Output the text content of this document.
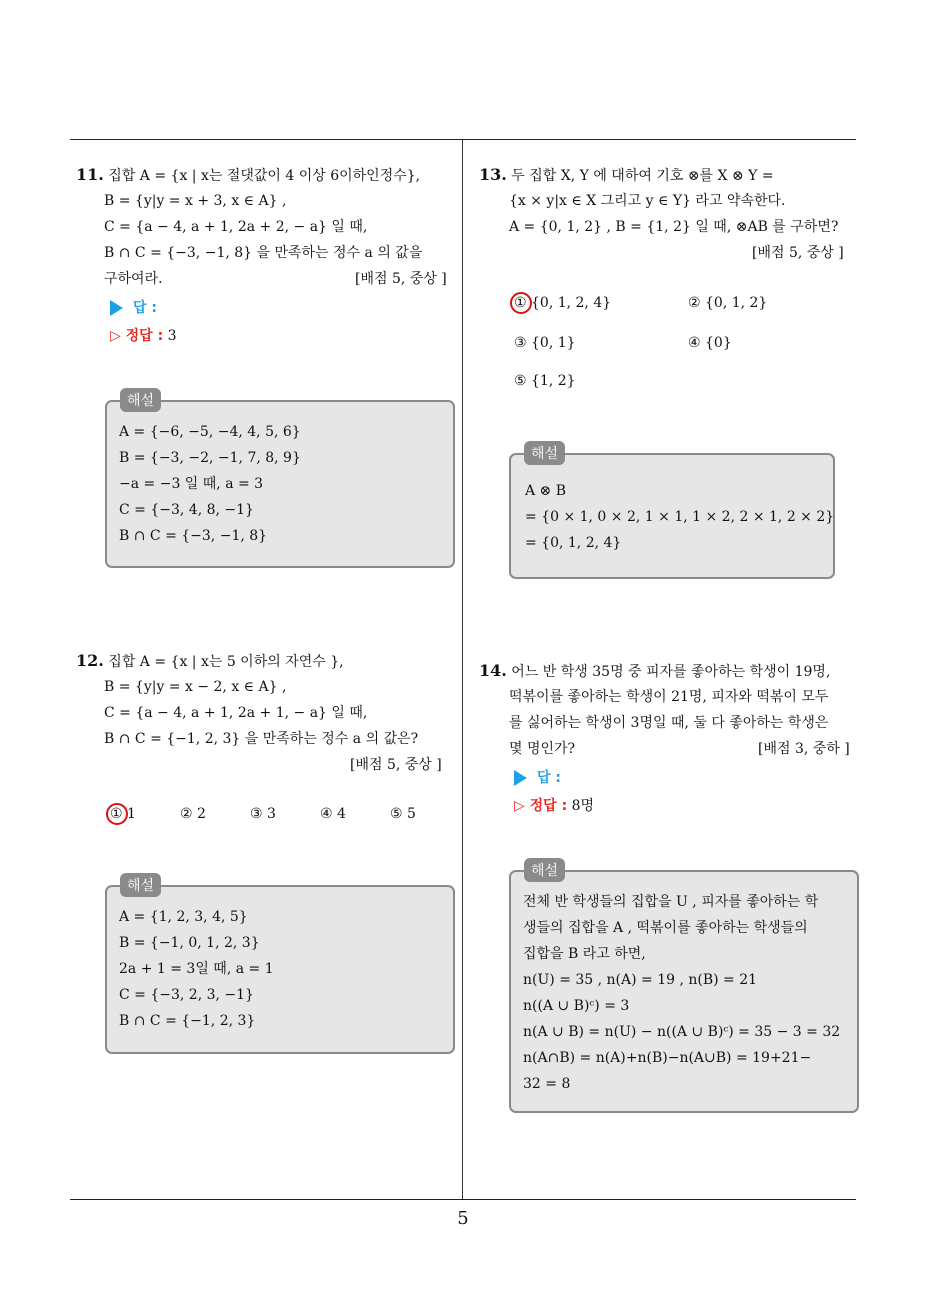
5
11. 집합 A = {x | x는 절댓값이 4 이상 6이하인정수},
B = {y|y = x + 3, x ∈ A} ,
C = {a − 4, a + 1, 2a + 2, − a} 일 때,
B ∩ C = {−3, −1, 8} 을 만족하는 정수 a 의 값을
구하여라.	[배점 5, 중상 ]
답 :
▷ 정답 : 3
해설
A = {−6, −5, −4, 4, 5, 6}
B = {−3, −2, −1, 7, 8, 9}
−a = −3 일 때, a = 3
C = {−3, 4, 8, −1}
B ∩ C = {−3, −1, 8}
12. 집합 A = {x | x는 5 이하의 자연수 },
B = {y|y = x − 2, x ∈ A} ,
C = {a − 4, a + 1, 2a + 1, − a} 일 때,
B ∩ C = {−1, 2, 3} 을 만족하는 정수 a 의 값은?
[배점 5, 중상 ]
① 1	② 2	③ 3	④ 4	⑤ 5
해설
A = {1, 2, 3, 4, 5}
B = {−1, 0, 1, 2, 3}
2a + 1 = 3일 때, a = 1
C = {−3, 2, 3, −1}
B ∩ C = {−1, 2, 3}
13. 두 집합 X, Y 에 대하여 기호 ⊗를 X ⊗ Y =
{x × y|x ∈ X 그리고 y ∈ Y} 라고 약속한다.
A = {0, 1, 2} , B = {1, 2} 일 때, ⊗AB 를 구하면?
[배점 5, 중상 ]
① {0, 1, 2, 4}	② {0, 1, 2}
③ {0, 1}	④ {0}
⑤ {1, 2}
해설
A ⊗ B
= {0 × 1, 0 × 2, 1 × 1, 1 × 2, 2 × 1, 2 × 2}
= {0, 1, 2, 4}
14. 어느 반 학생 35명 중 피자를 좋아하는 학생이 19명,
떡볶이를 좋아하는 학생이 21명, 피자와 떡볶이 모두
를 싫어하는 학생이 3명일 때, 둘 다 좋아하는 학생은
몇 명인가?	[배점 3, 중하 ]
답 :
▷ 정답 : 8명
해설
전체 반 학생들의 집합을 U , 피자를 좋아하는 학
생들의 집합을 A , 떡볶이를 좋아하는 학생들의
집합을 B 라고 하면,
n(U) = 35 , n(A) = 19 , n(B) = 21
n((A ∪ B)ᶜ) = 3
n(A ∪ B) = n(U) − n((A ∪ B)ᶜ) = 35 − 3 = 32
n(A∩B) = n(A)+n(B)−n(A∪B) = 19+21−
32 = 8
